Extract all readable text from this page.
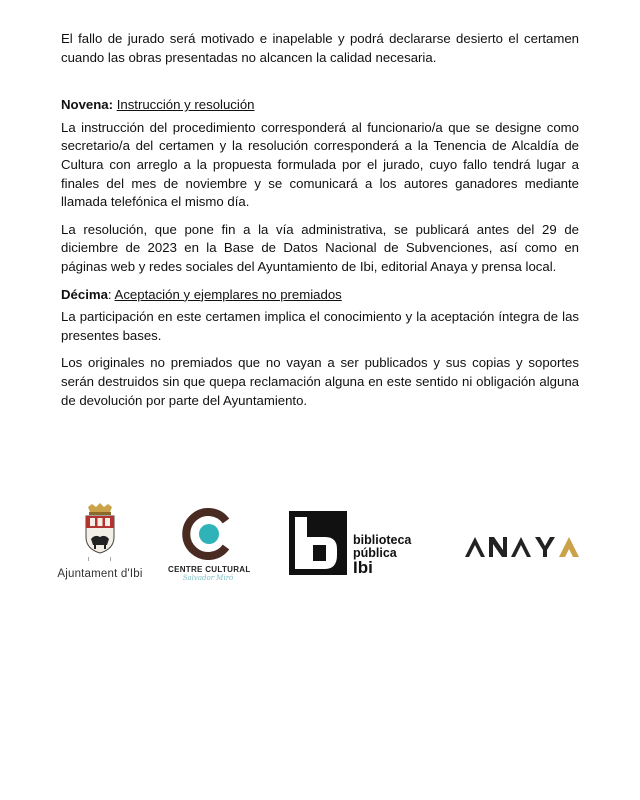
El fallo de jurado será motivado e inapelable y podrá declararse desierto el certamen cuando las obras presentadas no alcancen la calidad necesaria.

Novena: Instrucción y resolución

La instrucción del procedimiento corresponderá al funcionario/a que se designe como secretario/a del certamen y la resolución corresponderá a la Tenencia de Alcaldía de Cultura con arreglo a la propuesta formulada por el jurado, cuyo fallo tendrá lugar a finales del mes de noviembre y se comunicará a los autores ganadores mediante llamada telefónica el mismo día.

La resolución, que pone fin a la vía administrativa, se publicará antes del 29 de diciembre de 2023 en la Base de Datos Nacional de Subvenciones, así como en páginas web y redes sociales del Ayuntamiento de Ibi, editorial Anaya y prensa local.

Décima: Aceptación y ejemplares no premiados

La participación en este certamen implica el conocimiento y la aceptación íntegra de las presentes bases.

Los originales no premiados que no vayan a ser publicados y sus copias y soportes serán destruidos sin que quepa reclamación alguna en este sentido ni obligación alguna de devolución por parte del Ayuntamiento.

I	I
Ajuntament d'Ibi	CENTRE CULTURAL
Salvador Miró
biblioteca
pública
Ibi
